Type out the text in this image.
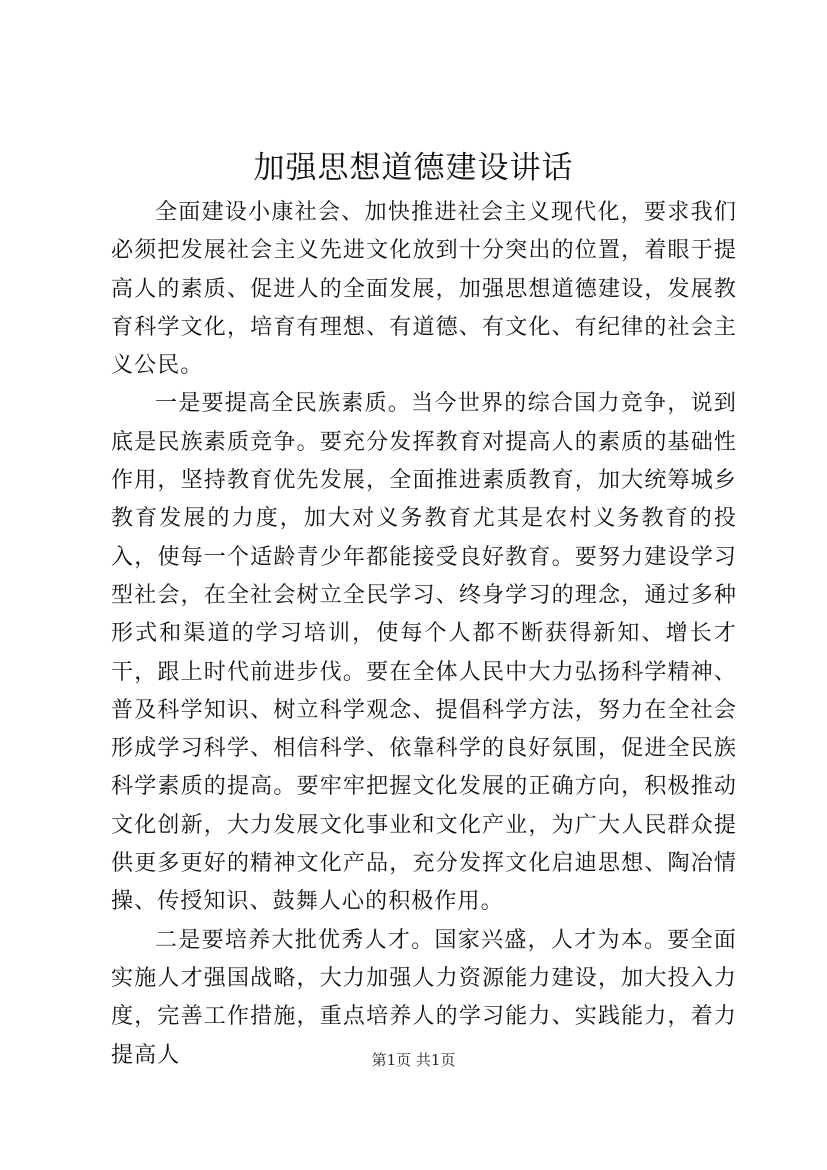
加强思想道德建设讲话

全面建设小康社会、加快推进社会主义现代化，要求我们必须把发展社会主义先进文化放到十分突出的位置，着眼于提高人的素质、促进人的全面发展，加强思想道德建设，发展教育科学文化，培育有理想、有道德、有文化、有纪律的社会主义公民。

一是要提高全民族素质。当今世界的综合国力竞争，说到底是民族素质竞争。要充分发挥教育对提高人的素质的基础性作用，坚持教育优先发展，全面推进素质教育，加大统筹城乡教育发展的力度，加大对义务教育尤其是农村义务教育的投入，使每一个适龄青少年都能接受良好教育。要努力建设学习型社会，在全社会树立全民学习、终身学习的理念，通过多种形式和渠道的学习培训，使每个人都不断获得新知、增长才干，跟上时代前进步伐。要在全体人民中大力弘扬科学精神、普及科学知识、树立科学观念、提倡科学方法，努力在全社会形成学习科学、相信科学、依靠科学的良好氛围，促进全民族科学素质的提高。要牢牢把握文化发展的正确方向，积极推动文化创新，大力发展文化事业和文化产业，为广大人民群众提供更多更好的精神文化产品，充分发挥文化启迪思想、陶冶情操、传授知识、鼓舞人心的积极作用。

二是要培养大批优秀人才。国家兴盛，人才为本。要全面实施人才强国战略，大力加强人力资源能力建设，加大投入力度，完善工作措施，重点培养人的学习能力、实践能力，着力提高人	第1页 共1页
